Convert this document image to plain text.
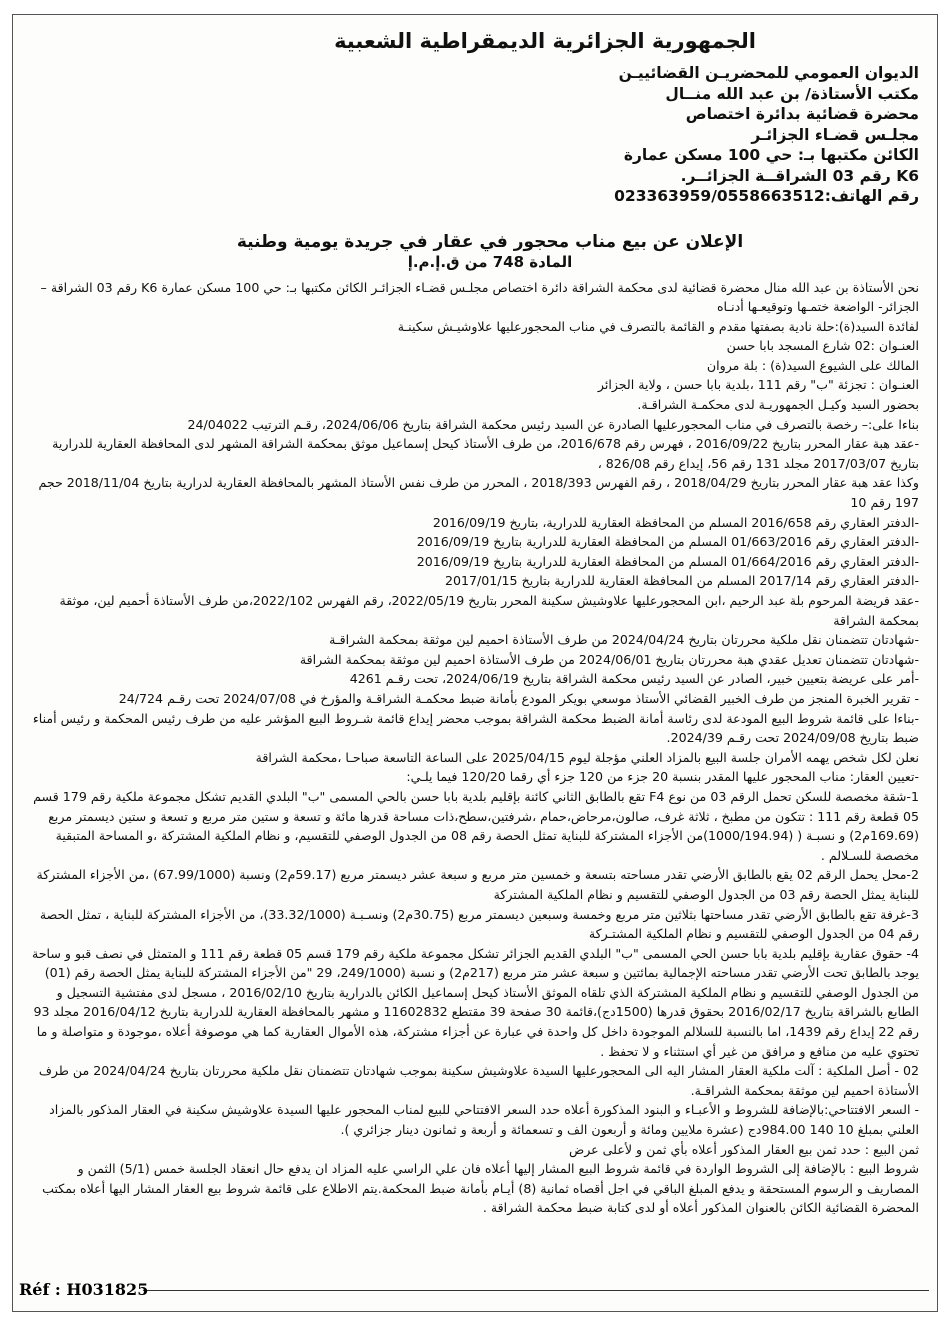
الجمهورية الجزائرية الديمقراطية الشعبية
الديوان العمومي للمحضريـن القضائييـن
مكتب الأستاذة/ بن عبد الله منــال
محضرة قضائية بدائرة اختصاص
مجلـس قضـاء الجزائـر
الكائن مكتبها بـ: حي 100 مسكن عمارة
K6 رقم 03 الشراقــة الجزائــر.
رقم الهاتف:023363959/0558663512
الإعلان عن بيع مناب محجور في عقار في جريدة يومية وطنية
المادة 748 من ق.إ.م.إ

نحن الأستاذة بن عبد الله منال محضرة قضائية لدى محكمة الشراقة دائرة اختصاص مجلـس قضـاء الجزائـر الكائن مكتبها بـ: حي 100 مسكن عمارة K6 رقم 03 الشراقة –الجزائر- الواضعة ختمـها وتوقيعـها أدنـاه

لفائدة السيد(ة):حلة نادية بصفتها مقدم و القائمة بالتصرف في مناب المحجورعليها علاوشيـش سكينـة

العنـوان :02 شارع المسجد بابا حسن

المالك على الشيوع السيد(ة) : بلة مروان

العنـوان : تجزئة "ب" رقم 111 ،بلدية بابا حسن ، ولاية الجزائر

بحضور السيد وكيـل الجمهوريـة لدى محكمـة الشراقـة.

بناءا على:– رخصة بالتصرف في مناب المحجورعليها الصادرة عن السيد رئيس محكمة الشراقة بتاريخ 2024/06/06، رقـم الترتيب 24/04022

-عقد هبة عقار المحرر بتاريخ 2016/09/22 ، فهرس رقم 2016/678، من طرف الأستاذ كيحل إسماعيل موثق بمحكمة الشراقة المشهر لدى المحافظة العقارية للدرارية بتاريخ 2017/03/07 مجلد 131 رقم 56، إيداع رقم 826/08 ،

وكذا عقد هبة عقار المحرر بتاريخ 2018/04/29 ، رقم الفهرس 2018/393 ، المحرر من طرف نفس الأستاذ المشهر بالمحافظة العقارية لدرارية بتاريخ 2018/11/04 حجم 197 رقم 10

-الدفتر العقاري رقم 2016/658 المسلم من المحافظة العقارية للدرارية، بتاريخ 2016/09/19

-الدفتر العقاري رقم 01/663/2016 المسلم من المحافظة العقارية للدرارية بتاريخ 2016/09/19

-الدفتر العقاري رقم 01/664/2016 المسلم من المحافظة العقارية للدرارية بتاريخ 2016/09/19

-الدفتر العقاري رقم 2017/14 المسلم من المحافظة العقارية للدرارية بتاريخ 2017/01/15

-عقد فريضة المرحوم بلة عبد الرحيم ،ابن المحجورعليها علاوشيش سكينة المحرر بتاريخ 2022/05/19، رقم الفهرس 2022/102،من طرف الأستاذة أحميم لين، موثقة بمحكمة الشراقة

-شهادتان تتضمنان نقل ملكية محررتان بتاريخ 2024/04/24 من طرف الأستاذة احميم لين موثقة بمحكمة الشراقـة

-شهادتان تتضمنان تعديل عقدي هبة محررتان بتاريخ 2024/06/01 من طرف الأستاذة احميم لين موثقة بمحكمة الشراقة

-أمر على عريضة بتعيين خبير، الصادر عن السيد رئيس محكمة الشراقة بتاريخ 2024/06/19، تحت رقـم 4261

- تقرير الخبرة المنجز من طرف الخبير القضائي الأستاذ موسعي بويكر المودع بأمانة ضبط محكمـة الشراقـة والمؤرخ في 2024/07/08 تحت رقـم 24/724

-بناءا على قائمة شروط البيع المودعة لدى رئاسة أمانة الضبط محكمة الشراقة بموجب محضر إيداع قائمة شـروط البيع المؤشر عليه من طرف رئيس المحكمة و رئيس أمناء ضبط بتاريخ 2024/09/08 تحت رقـم 2024/39.

نعلن لكل شخص يهمه الأمران جلسة البيع بالمزاد العلني مؤجلة ليوم 2025/04/15 على الساعة التاسعة صباحـا ،محكمة الشراقة

-تعيين العقار: مناب المحجور عليها المقدر بنسبة 20 جزء من 120 جزء أي رقما 120/20 فيما يلـي:

1-شقة مخصصة للسكن تحمل الرقم 03 من نوع F4 تقع بالطابق الثاني كائنة بإقليم بلدية بابا حسن بالحي المسمى "ب" البلدي القديم تشكل مجموعة ملكية رقم 179 قسم 05 قطعة رقم 111 : تتكون من مطبخ ، ثلاثة غرف، صالون،مرحاض،حمام ،شرفتين،سطح،ذات مساحة قدرها مائة و تسعة و ستين متر مربع و تسعة و ستين ديسمتر مربع (169.69م2) و نسبـة ( (1000/194.94)من الأجزاء المشتركة للبناية تمثل الحصة رقم 08 من الجدول الوصفي للتقسيم، و نظام الملكية المشتركة ،و المساحة المتبقية مخصصة للسـلالم .

2-محل يحمل الرقم 02 يقع بالطابق الأرضي تقدر مساحته بتسعة و خمسين متر مربع و سبعة عشر ديسمتر مربع (59.17م2) ونسبة (67.99/1000) ،من الأجزاء المشتركة للبناية يمثل الحصة رقم 03 من الجدول الوصفي للتقسيم و نظام الملكية المشتركة

3-غرفة تقع بالطابق الأرضي تقدر مساحتها بثلاثين متر مربع وخمسة وسبعين ديسمتر مربع (30.75م2) ونسـبـة (33.32/1000)، من الأجزاء المشتركة للبناية ، تمثل الحصة رقم 04 من الجدول الوصفي للتقسيم و نظام الملكية المشتـركة

4- حقوق عقارية بإقليم بلدية بابا حسن الحي المسمى "ب" البلدي القديم الجزائر تشكل مجموعة ملكية رقم 179 قسم 05 قطعة رقم 111 و المتمثل في نصف قبو و ساحة يوجد بالطابق تحت الأرضي تقدر مساحته الإجمالية بمائتين و سبعة عشر متر مربع (217م2) و نسبة (249/1000، 29 "من الأجزاء المشتركة للبناية يمثل الحصة رقم (01) من الجدول الوصفي للتقسيم و نظام الملكية المشتركة الذي تلقاه الموثق الأستاذ كيحل إسماعيل الكائن بالدرارية بتاريخ 2016/02/10 ، مسجل لدى مفتشية التسجيل و الطابع بالشراقة بتاريخ 2016/02/17 بحقوق قدرها (1500دج)،قائمة 30 صفحة 39 مقتطع 11602832 و مشهر بالمحافظة العقارية للدرارية بتاريخ 2016/04/12 مجلد 93 رقم 22 إيداع رقم 1439، اما بالنسبة للسلالم الموجودة داخل كل واحدة في عبارة عن أجزاء مشتركة، هذه الأموال العقارية كما هي موصوفة أعلاه ،موجودة و متواصلة و ما تحتوي عليه من منافع و مرافق من غير أي استثناء و لا تحفظ .

02 - أصل الملكية : آلت ملكية العقار المشار اليه الى المحجورعليها السيدة علاوشيش سكينة بموجب شهادتان تتضمنان نقل ملكية محررتان بتاريخ 2024/04/24 من طرف الأستاذة احميم لين موثقة بمحكمة الشراقـة.

- السعر الافتتاحي:بالإضافة للشروط و الأعبـاء و البنود المذكورة أعلاه حدد السعر الافتتاحي للبيع لمناب المحجور عليها السيدة علاوشيش سكينة في العقار المذكور بالمزاد العلني بمبلغ 10 140 984.00دج (عشرة ملايين ومائة و أربعون الف و تسعمائة و أربعة و ثمانون دينار جزائري ).

ثمن البيع : حدد ثمن بيع العقار المذكور أعلاه بأي ثمن و لأعلى عرض

شروط البيع : بالإضافة إلى الشروط الواردة في قائمة شروط البيع المشار إليها أعلاه فان علي الراسي عليه المزاد ان يدفع حال انعقاد الجلسة خمس (5/1) الثمن و المصاريف و الرسوم المستحقة و يدفع المبلغ الباقي في اجل أقصاه ثمانية (8) أيـام بأمانة ضبط المحكمة.يتم الاطلاع على قائمة شروط بيع العقار المشار اليها أعلاه بمكتب المحضرة القضائية الكائن بالعنوان المذكور أعلاه أو لدى كتابة ضبط محكمة الشراقة .

Réf : H031825
